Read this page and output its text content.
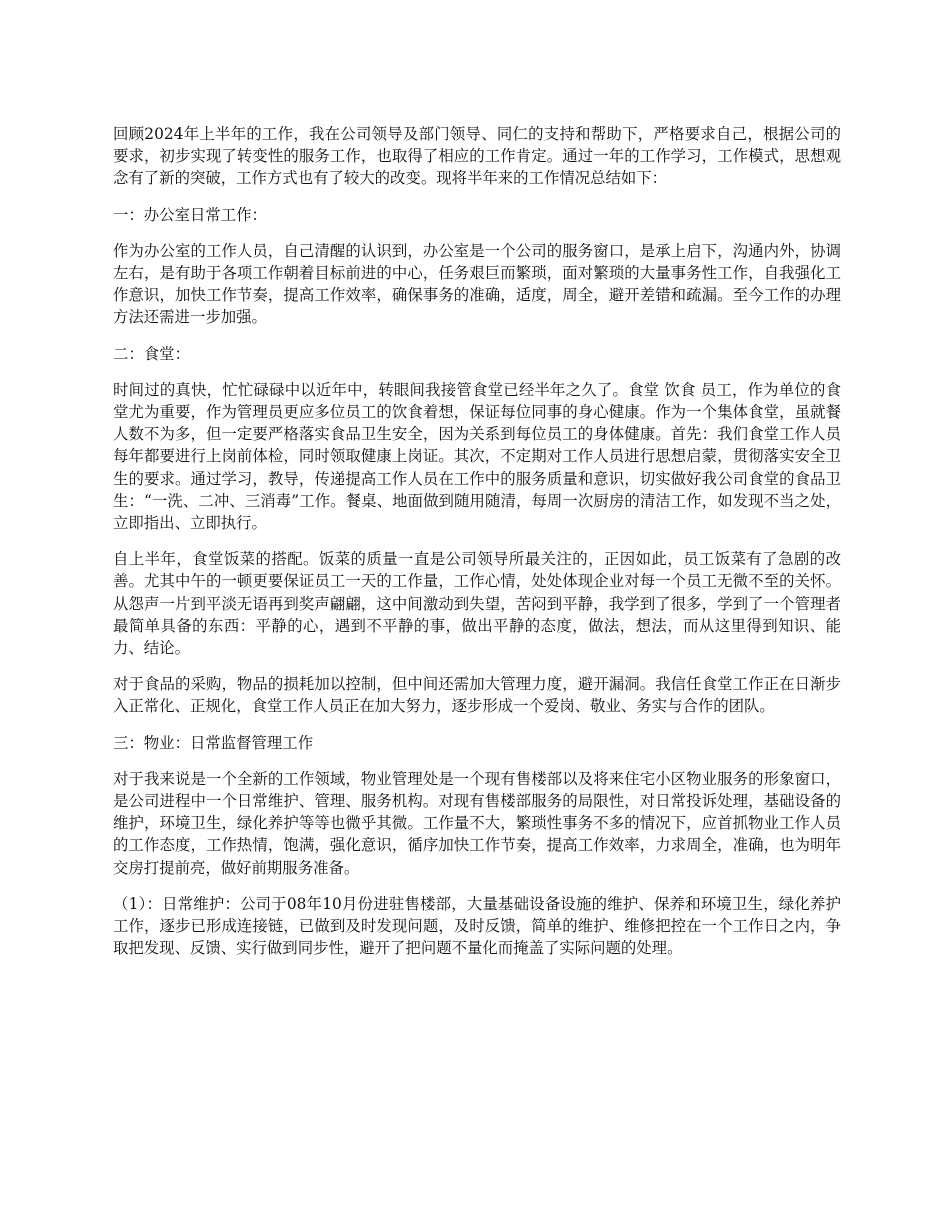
回顾2024年上半年的工作，我在公司领导及部门领导、同仁的支持和帮助下，严格要求自己，根据公司的要求，初步实现了转变性的服务工作，也取得了相应的工作肯定。通过一年的工作学习，工作模式，思想观念有了新的突破，工作方式也有了较大的改变。现将半年来的工作情况总结如下：

一：办公室日常工作：

作为办公室的工作人员，自己清醒的认识到，办公室是一个公司的服务窗口，是承上启下，沟通内外，协调左右，是有助于各项工作朝着目标前进的中心，任务艰巨而繁琐，面对繁琐的大量事务性工作，自我强化工作意识，加快工作节奏，提高工作效率，确保事务的准确，适度，周全，避开差错和疏漏。至今工作的办理方法还需进一步加强。

二：食堂：

时间过的真快，忙忙碌碌中以近年中，转眼间我接管食堂已经半年之久了。食堂 饮食 员工，作为单位的食堂尤为重要，作为管理员更应多位员工的饮食着想，保证每位同事的身心健康。作为一个集体食堂，虽就餐人数不为多，但一定要严格落实食品卫生安全，因为关系到每位员工的身体健康。首先：我们食堂工作人员每年都要进行上岗前体检，同时领取健康上岗证。其次，不定期对工作人员进行思想启蒙，贯彻落实安全卫生的要求。通过学习，教导，传递提高工作人员在工作中的服务质量和意识，切实做好我公司食堂的食品卫生：“一洗、二冲、三消毒”工作。餐桌、地面做到随用随清，每周一次厨房的清洁工作，如发现不当之处，立即指出、立即执行。

自上半年，食堂饭菜的搭配。饭菜的质量一直是公司领导所最关注的，正因如此，员工饭菜有了急剧的改善。尤其中午的一顿更要保证员工一天的工作量，工作心情，处处体现企业对每一个员工无微不至的关怀。从怨声一片到平淡无语再到奖声翩翩，这中间激动到失望，苦闷到平静，我学到了很多，学到了一个管理者最简单具备的东西：平静的心，遇到不平静的事，做出平静的态度，做法，想法，而从这里得到知识、能力、结论。

对于食品的采购，物品的损耗加以控制，但中间还需加大管理力度，避开漏洞。我信任食堂工作正在日渐步入正常化、正规化，食堂工作人员正在加大努力，逐步形成一个爱岗、敬业、务实与合作的团队。

三：物业：日常监督管理工作

对于我来说是一个全新的工作领域，物业管理处是一个现有售楼部以及将来住宅小区物业服务的形象窗口，是公司进程中一个日常维护、管理、服务机构。对现有售楼部服务的局限性，对日常投诉处理，基础设备的维护，环境卫生，绿化养护等等也微乎其微。工作量不大，繁琐性事务不多的情况下，应首抓物业工作人员的工作态度，工作热情，饱满，强化意识，循序加快工作节奏，提高工作效率，力求周全，准确，也为明年交房打提前亮，做好前期服务准备。

（1）：日常维护：公司于08年10月份进驻售楼部，大量基础设备设施的维护、保养和环境卫生，绿化养护工作，逐步已形成连接链，已做到及时发现问题，及时反馈，简单的维护、维修把控在一个工作日之内，争取把发现、反馈、实行做到同步性，避开了把问题不量化而掩盖了实际问题的处理。
